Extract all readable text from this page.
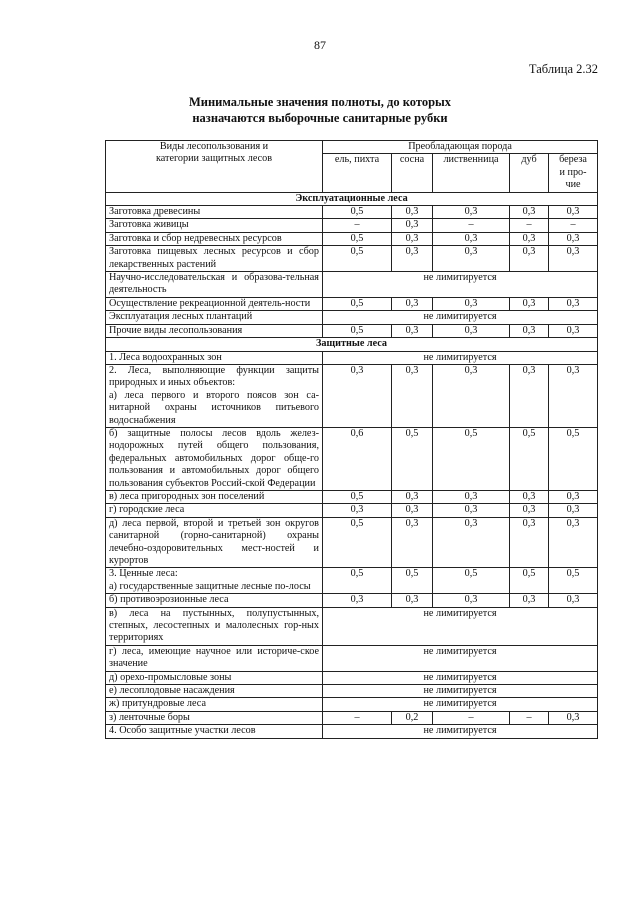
87
Таблица 2.32
Минимальные значения полноты, до которых
назначаются выборочные санитарные рубки
Виды лесопользования и
категории защитных лесов	Преобладающая порода				
	ель, пихта	сосна	лиственница	дуб	береза
и про-
чие
Эксплуатационные леса					
Заготовка древесины	0,5	0,3	0,3	0,3	0,3
Заготовка живицы	–	0,3	–	–	–
Заготовка и сбор недревесных ресурсов	0,5	0,3	0,3	0,3	0,3
Заготовка пищевых лесных ресурсов и сбор лекарственных растений	0,5	0,3	0,3	0,3	0,3
Научно-исследовательская и образова-тельная деятельность	не лимитируется				
Осуществление рекреационной деятель-ности	0,5	0,3	0,3	0,3	0,3
Эксплуатация лесных плантаций	не лимитируется				
Прочие виды лесопользования	0,5	0,3	0,3	0,3	0,3
Защитные леса					
1. Леса водоохранных зон	не лимитируется				
2. Леса, выполняющие функции защиты природных и иных объектов:
а) леса первого и второго поясов зон са-нитарной охраны источников питьевого водоснабжения	0,3	0,3	0,3	0,3	0,3
б) защитные полосы лесов вдоль желез-нодорожных путей общего пользования, федеральных автомобильных дорог обще-го пользования и автомобильных дорог общего пользования субъектов Россий-ской Федерации	0,6	0,5	0,5	0,5	0,5
в) леса пригородных зон поселений	0,5	0,3	0,3	0,3	0,3
г) городские леса	0,3	0,3	0,3	0,3	0,3
д) леса первой, второй и третьей зон округов санитарной (горно-санитарной) охраны лечебно-оздоровительных мест-ностей и курортов	0,5	0,3	0,3	0,3	0,3
3. Ценные леса:
а) государственные защитные лесные по-лосы	0,5	0,5	0,5	0,5	0,5
б) противоэрозионные леса	0,3	0,3	0,3	0,3	0,3
в) леса на пустынных, полупустынных, степных, лесостепных и малолесных гор-ных территориях	не лимитируется				
г) леса, имеющие научное или историче-ское значение	не лимитируется				
д) орехо-промысловые зоны	не лимитируется				
е) лесоплодовые насаждения	не лимитируется				
ж) притундровые леса	не лимитируется				
з) ленточные боры	–	0,2	–	–	0,3
4. Особо защитные участки лесов	не лимитируется				
